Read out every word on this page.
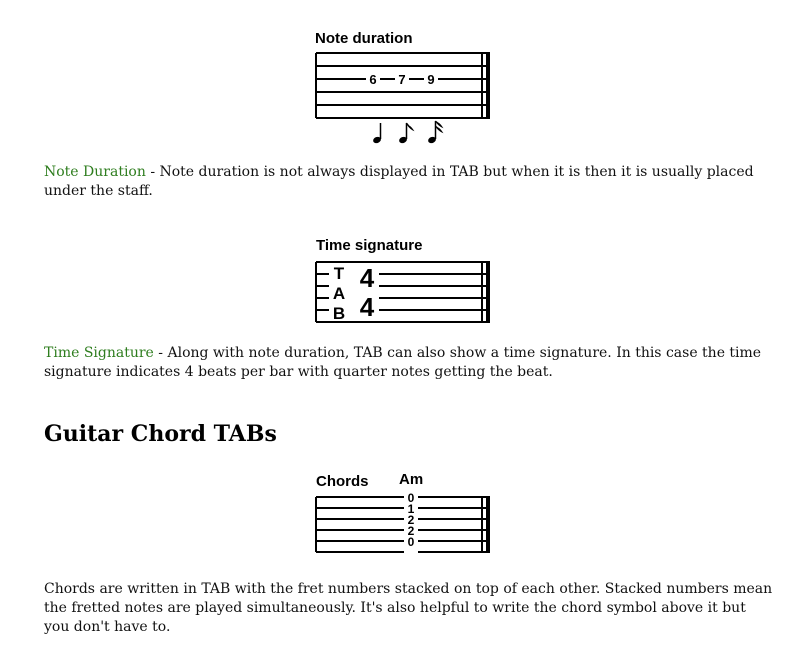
Note duration
6 7 9

Note Duration - Note duration is not always displayed in TAB but when it is then it is usually placed under the staff.

Time signature
T
A
B
4
4

Time Signature - Along with note duration, TAB can also show a time signature. In this case the time signature indicates 4 beats per bar with quarter notes getting the beat.

Guitar Chord TABs
Chords Am
0
1
2
2
0

Chords are written in TAB with the fret numbers stacked on top of each other. Stacked numbers mean the fretted notes are played simultaneously. It's also helpful to write the chord symbol above it but you don't have to.
